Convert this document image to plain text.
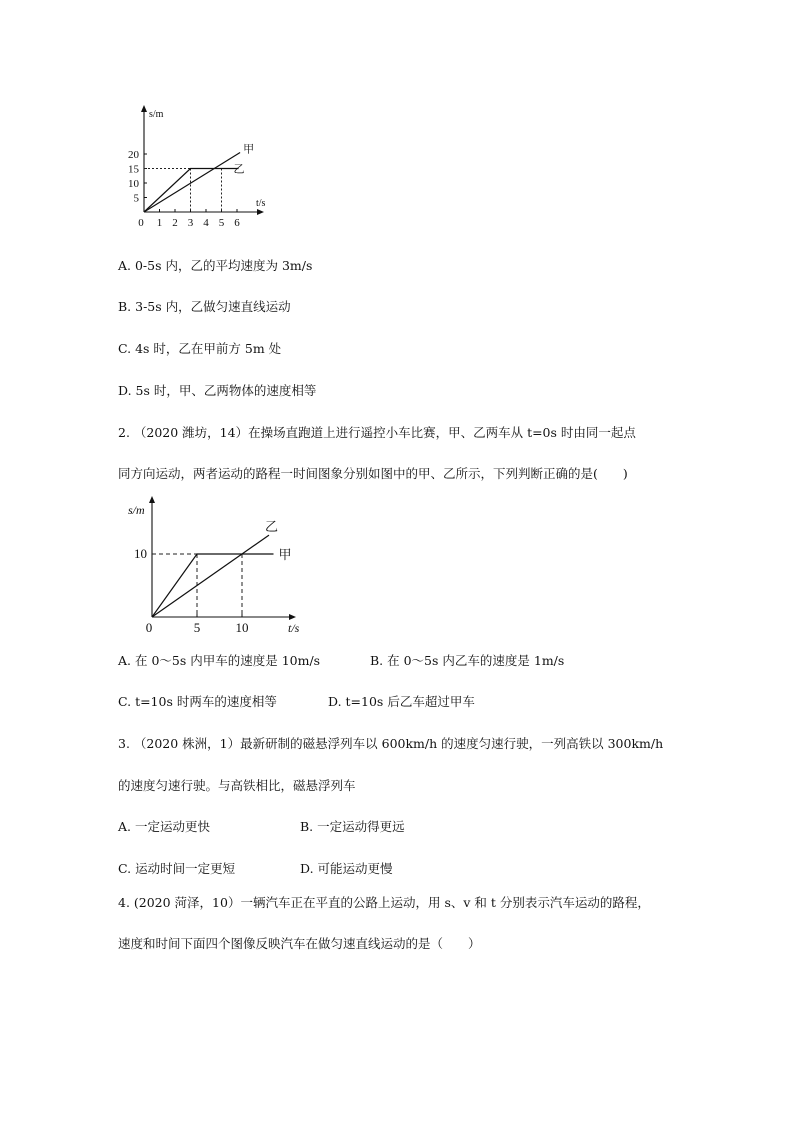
s/m
t/s
0 1 2 3 4 5 6
5
10
15
20	甲
乙
A. 0-5s 内，乙的平均速度为 3m/s
B. 3-5s 内，乙做匀速直线运动
C. 4s 时，乙在甲前方 5m 处
D. 5s 时，甲、乙两物体的速度相等
2. （2020 潍坊，14）在操场直跑道上进行遥控小车比赛，甲、乙两车从 t=0s 时由同一起点
同方向运动，两者运动的路程一时间图象分别如图中的甲、乙所示，下列判断正确的是(　　)
s/m
t/s
0	5	10
10	甲
乙
A. 在 0～5s 内甲车的速度是 10m/s	B. 在 0～5s 内乙车的速度是 1m/s
C. t=10s 时两车的速度相等	D. t=10s 后乙车超过甲车
3. （2020 株洲，1）最新研制的磁悬浮列车以 600km/h 的速度匀速行驶，一列高铁以 300km/h
的速度匀速行驶。与高铁相比，磁悬浮列车
A. 一定运动更快	B. 一定运动得更远
C. 运动时间一定更短	D. 可能运动更慢
4. (2020 菏泽，10）一辆汽车正在平直的公路上运动，用 s、v 和 t 分别表示汽车运动的路程，
速度和时间下面四个图像反映汽车在做匀速直线运动的是（　　）
